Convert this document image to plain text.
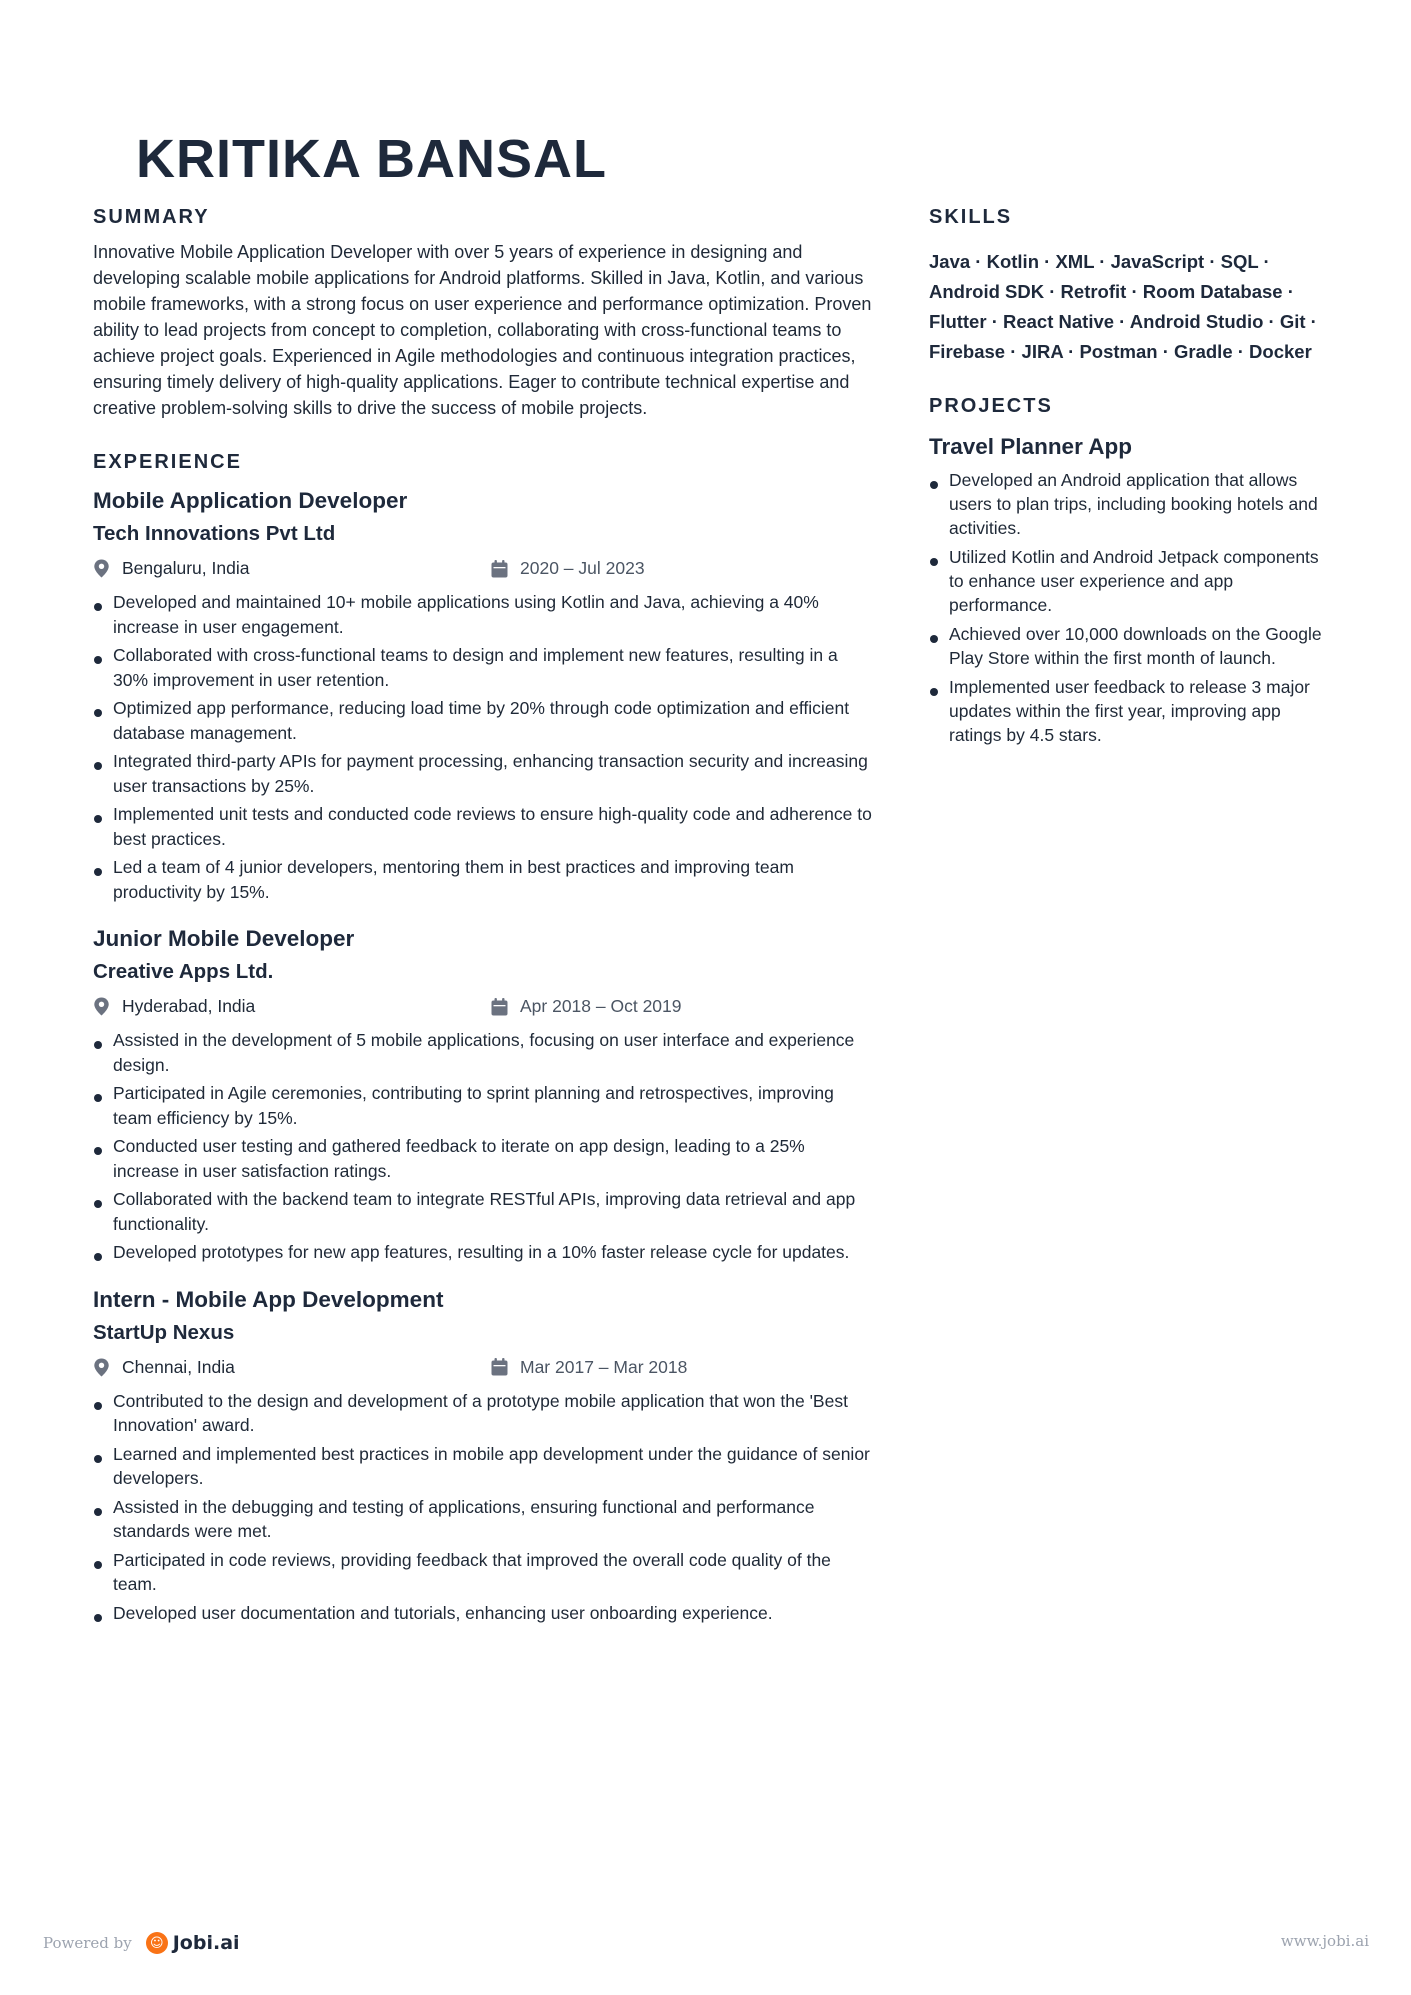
KRITIKA BANSAL
SUMMARY

Innovative Mobile Application Developer with over 5 years of experience in designing and developing scalable mobile applications for Android platforms. Skilled in Java, Kotlin, and various mobile frameworks, with a strong focus on user experience and performance optimization. Proven ability to lead projects from concept to completion, collaborating with cross-functional teams to achieve project goals. Experienced in Agile methodologies and continuous integration practices, ensuring timely delivery of high-quality applications. Eager to contribute technical expertise and creative problem-solving skills to drive the success of mobile projects.

EXPERIENCE
Mobile Application Developer
Tech Innovations Pvt Ltd
Bengaluru, India	2020 – Jul 2023
Developed and maintained 10+ mobile applications using Kotlin and Java, achieving a 40% increase in user engagement.
Collaborated with cross-functional teams to design and implement new features, resulting in a 30% improvement in user retention.
Optimized app performance, reducing load time by 20% through code optimization and efficient database management.
Integrated third-party APIs for payment processing, enhancing transaction security and increasing user transactions by 25%.
Implemented unit tests and conducted code reviews to ensure high-quality code and adherence to best practices.
Led a team of 4 junior developers, mentoring them in best practices and improving team productivity by 15%.
Junior Mobile Developer
Creative Apps Ltd.
Hyderabad, India	Apr 2018 – Oct 2019
Assisted in the development of 5 mobile applications, focusing on user interface and experience design.
Participated in Agile ceremonies, contributing to sprint planning and retrospectives, improving team efficiency by 15%.
Conducted user testing and gathered feedback to iterate on app design, leading to a 25% increase in user satisfaction ratings.
Collaborated with the backend team to integrate RESTful APIs, improving data retrieval and app functionality.
Developed prototypes for new app features, resulting in a 10% faster release cycle for updates.
Intern - Mobile App Development
StartUp Nexus
Chennai, India	Mar 2017 – Mar 2018
Contributed to the design and development of a prototype mobile application that won the 'Best Innovation' award.
Learned and implemented best practices in mobile app development under the guidance of senior developers.
Assisted in the debugging and testing of applications, ensuring functional and performance standards were met.
Participated in code reviews, providing feedback that improved the overall code quality of the team.
Developed user documentation and tutorials, enhancing user onboarding experience.
SKILLS

Java · Kotlin · XML · JavaScript · SQL · Android SDK · Retrofit · Room Database · Flutter · React Native · Android Studio · Git · Firebase · JIRA · Postman · Gradle · Docker

PROJECTS
Travel Planner App
Developed an Android application that allows users to plan trips, including booking hotels and activities.
Utilized Kotlin and Android Jetpack components to enhance user experience and app performance.
Achieved over 10,000 downloads on the Google Play Store within the first month of launch.
Implemented user feedback to release 3 major updates within the first year, improving app ratings by 4.5 stars.
Powered by	☺ Jobi.ai	www.jobi.ai
